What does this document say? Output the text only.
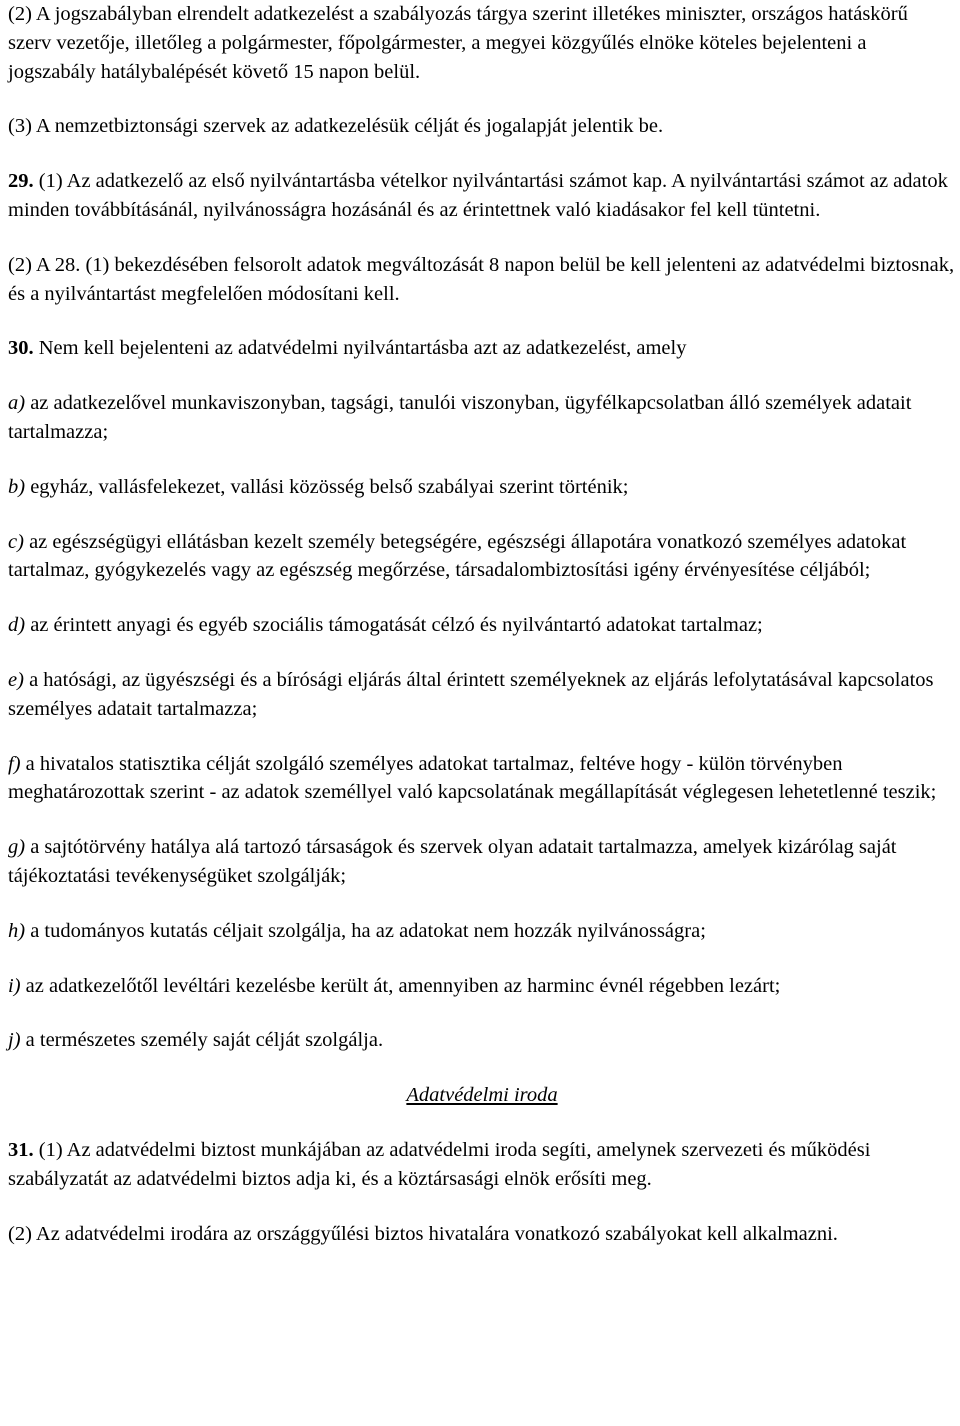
(2) A jogszabályban elrendelt adatkezelést a szabályozás tárgya szerint illetékes miniszter, országos hatáskörű szerv vezetője, illetőleg a polgármester, főpolgármester, a megyei közgyűlés elnöke köteles bejelenteni a jogszabály hatálybalépését követő 15 napon belül.

(3) A nemzetbiztonsági szervek az adatkezelésük célját és jogalapját jelentik be.

29. (1) Az adatkezelő az első nyilvántartásba vételkor nyilvántartási számot kap. A nyilvántartási számot az adatok minden továbbításánál, nyilvánosságra hozásánál és az érintettnek való kiadásakor fel kell tüntetni.

(2) A 28. (1) bekezdésében felsorolt adatok megváltozását 8 napon belül be kell jelenteni az adatvédelmi biztosnak, és a nyilvántartást megfelelően módosítani kell.

30. Nem kell bejelenteni az adatvédelmi nyilvántartásba azt az adatkezelést, amely

a) az adatkezelővel munkaviszonyban, tagsági, tanulói viszonyban, ügyfélkapcsolatban álló személyek adatait tartalmazza;

b) egyház, vallásfelekezet, vallási közösség belső szabályai szerint történik;

c) az egészségügyi ellátásban kezelt személy betegségére, egészségi állapotára vonatkozó személyes adatokat tartalmaz, gyógykezelés vagy az egészség megőrzése, társadalombiztosítási igény érvényesítése céljából;

d) az érintett anyagi és egyéb szociális támogatását célzó és nyilvántartó adatokat tartalmaz;

e) a hatósági, az ügyészségi és a bírósági eljárás által érintett személyeknek az eljárás lefolytatásával kapcsolatos személyes adatait tartalmazza;

f) a hivatalos statisztika célját szolgáló személyes adatokat tartalmaz, feltéve hogy - külön törvényben meghatározottak szerint - az adatok személlyel való kapcsolatának megállapítását véglegesen lehetetlenné teszik;

g) a sajtótörvény hatálya alá tartozó társaságok és szervek olyan adatait tartalmazza, amelyek kizárólag saját tájékoztatási tevékenységüket szolgálják;

h) a tudományos kutatás céljait szolgálja, ha az adatokat nem hozzák nyilvánosságra;

i) az adatkezelőtől levéltári kezelésbe került át, amennyiben az harminc évnél régebben lezárt;

j) a természetes személy saját célját szolgálja.

Adatvédelmi iroda

31. (1) Az adatvédelmi biztost munkájában az adatvédelmi iroda segíti, amelynek szervezeti és működési szabályzatát az adatvédelmi biztos adja ki, és a köztársasági elnök erősíti meg.

(2) Az adatvédelmi irodára az országgyűlési biztos hivatalára vonatkozó szabályokat kell alkalmazni.
